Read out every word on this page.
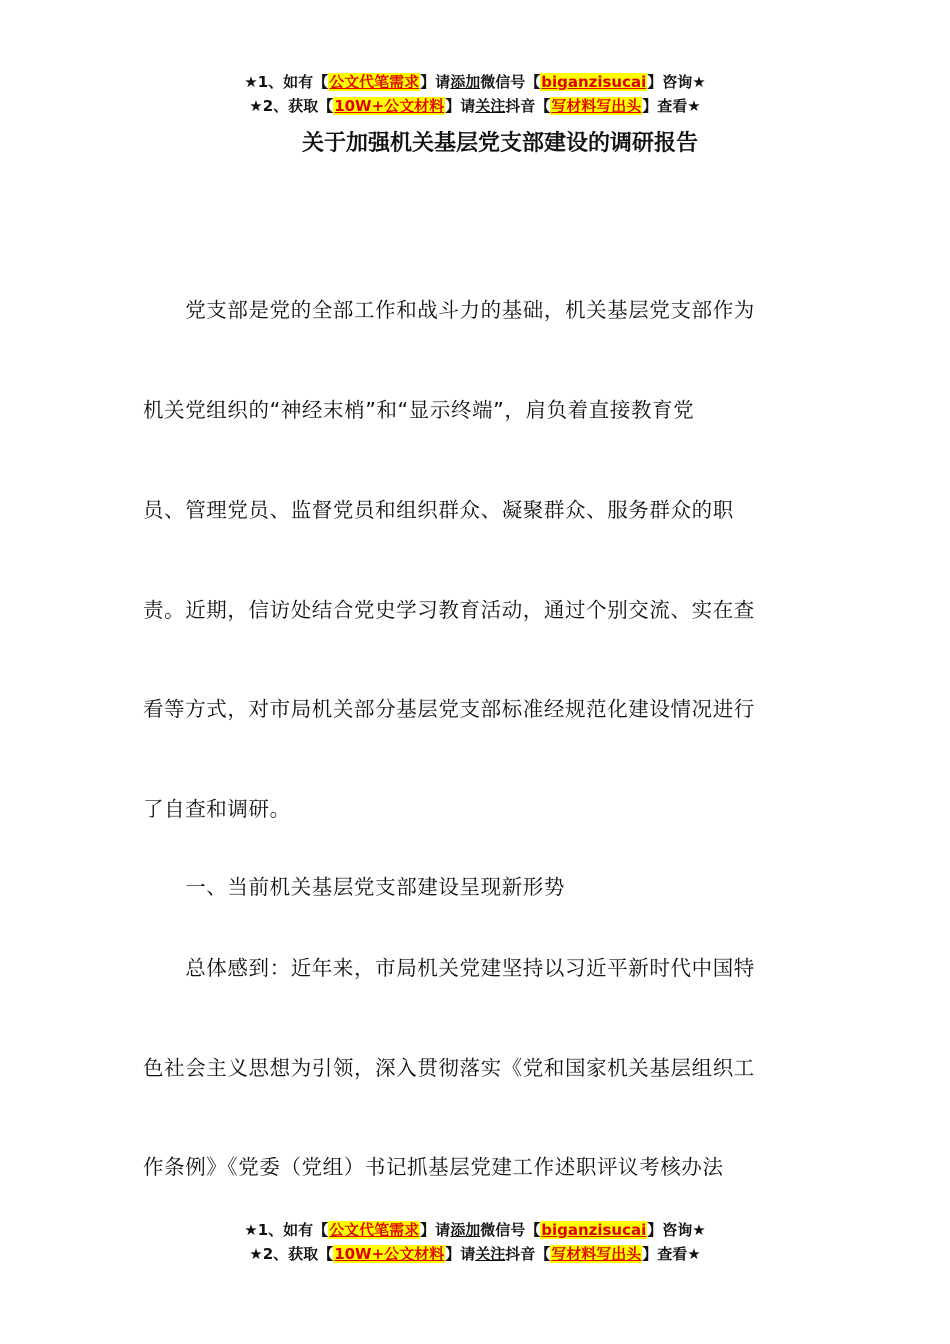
★1、如有【公文代笔需求】请添加微信号【biganzisucai】咨询★
★2、获取【10W+公文材料】请关注抖音【写材料写出头】查看★
关于加强机关基层党支部建设的调研报告
　　党支部是党的全部工作和战斗力的基础，机关基层党支部作为
机关党组织的“神经末梢”和“显示终端”，肩负着直接教育党
员、管理党员、监督党员和组织群众、凝聚群众、服务群众的职
责。近期，信访处结合党史学习教育活动，通过个别交流、实在查
看等方式，对市局机关部分基层党支部标准经规范化建设情况进行
了自查和调研。
　　一、当前机关基层党支部建设呈现新形势
　　总体感到：近年来，市局机关党建坚持以习近平新时代中国特
色社会主义思想为引领，深入贯彻落实《党和国家机关基层组织工
作条例》《党委（党组）书记抓基层党建工作述职评议考核办法
★1、如有【公文代笔需求】请添加微信号【biganzisucai】咨询★
★2、获取【10W+公文材料】请关注抖音【写材料写出头】查看★
